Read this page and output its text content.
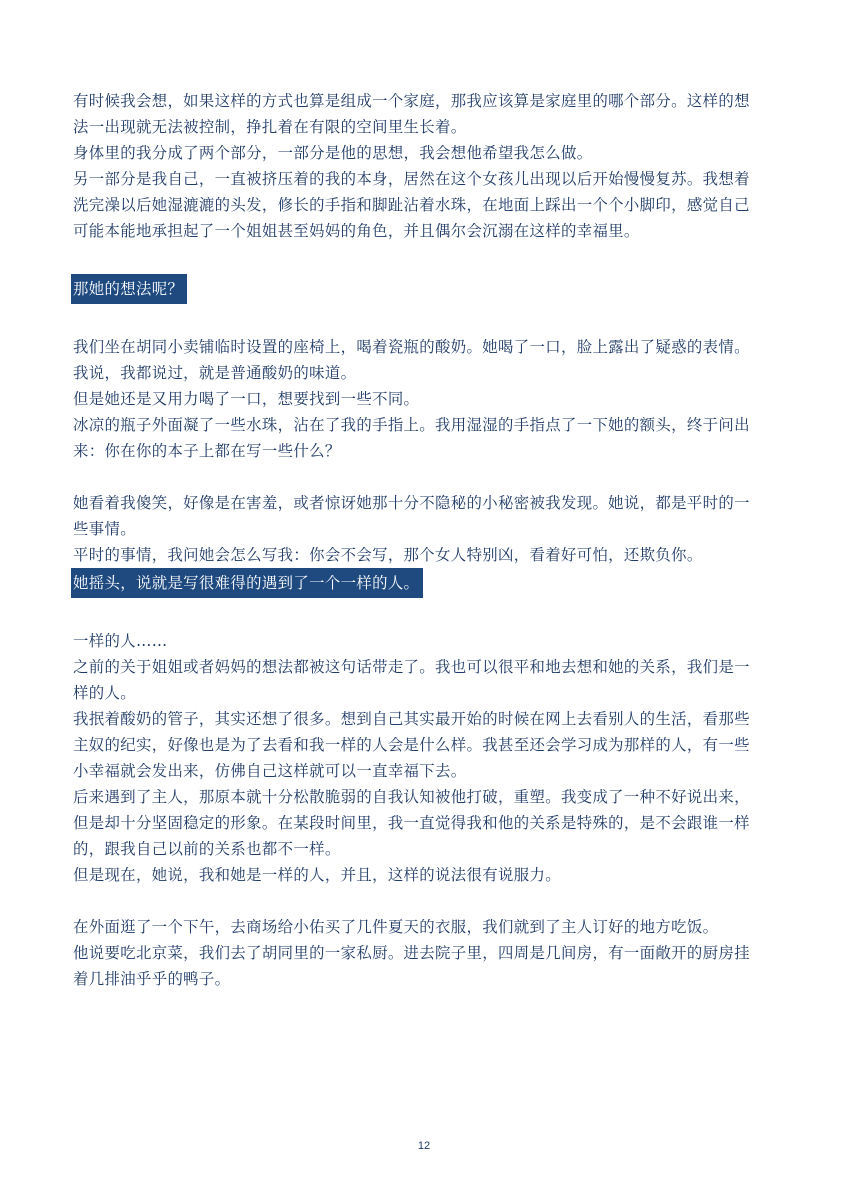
有时候我会想，如果这样的方式也算是组成一个家庭，那我应该算是家庭里的哪个部分。这样的想
法一出现就无法被控制，挣扎着在有限的空间里生长着。
身体里的我分成了两个部分，一部分是他的思想，我会想他希望我怎么做。
另一部分是我自己，一直被挤压着的我的本身，居然在这个女孩儿出现以后开始慢慢复苏。我想着
洗完澡以后她湿漉漉的头发，修长的手指和脚趾沾着水珠，在地面上踩出一个个小脚印，感觉自己
可能本能地承担起了一个姐姐甚至妈妈的角色，并且偶尔会沉溺在这样的幸福里。
那她的想法呢？
我们坐在胡同小卖铺临时设置的座椅上，喝着瓷瓶的酸奶。她喝了一口，脸上露出了疑惑的表情。
我说，我都说过，就是普通酸奶的味道。
但是她还是又用力喝了一口，想要找到一些不同。
冰凉的瓶子外面凝了一些水珠，沾在了我的手指上。我用湿湿的手指点了一下她的额头，终于问出
来：你在你的本子上都在写一些什么？
她看着我傻笑，好像是在害羞，或者惊讶她那十分不隐秘的小秘密被我发现。她说，都是平时的一
些事情。
平时的事情，我问她会怎么写我：你会不会写，那个女人特别凶，看着好可怕，还欺负你。
她摇头，说就是写很难得的遇到了一个一样的人。
一样的人……
之前的关于姐姐或者妈妈的想法都被这句话带走了。我也可以很平和地去想和她的关系，我们是一
样的人。
我抿着酸奶的管子，其实还想了很多。想到自己其实最开始的时候在网上去看别人的生活，看那些
主奴的纪实，好像也是为了去看和我一样的人会是什么样。我甚至还会学习成为那样的人，有一些
小幸福就会发出来，仿佛自己这样就可以一直幸福下去。
后来遇到了主人，那原本就十分松散脆弱的自我认知被他打破，重塑。我变成了一种不好说出来，
但是却十分坚固稳定的形象。在某段时间里，我一直觉得我和他的关系是特殊的，是不会跟谁一样
的，跟我自己以前的关系也都不一样。
但是现在，她说，我和她是一样的人，并且，这样的说法很有说服力。
在外面逛了一个下午，去商场给小佑买了几件夏天的衣服，我们就到了主人订好的地方吃饭。
他说要吃北京菜，我们去了胡同里的一家私厨。进去院子里，四周是几间房，有一面敞开的厨房挂
着几排油乎乎的鸭子。
12
